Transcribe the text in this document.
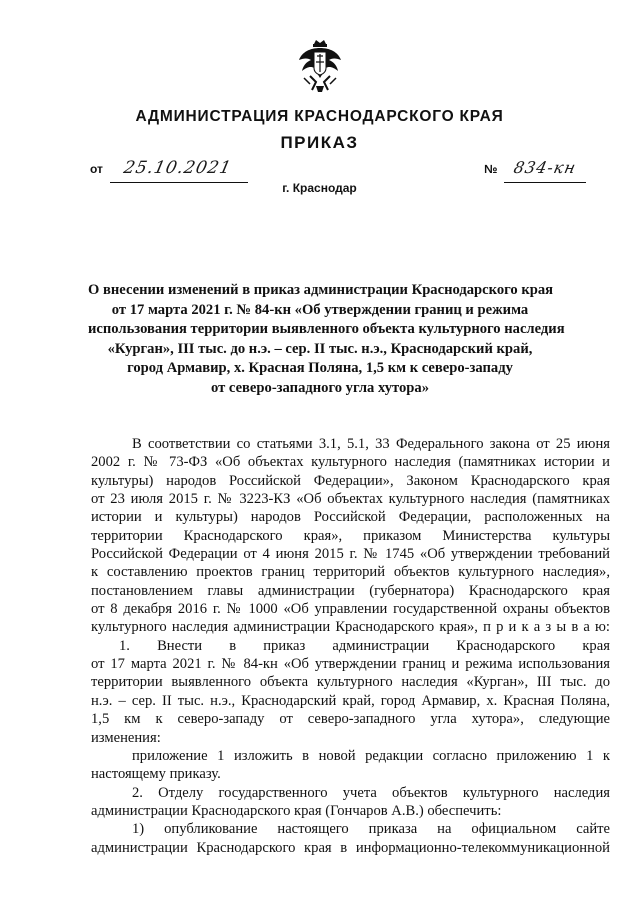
АДМИНИСТРАЦИЯ КРАСНОДАРСКОГО КРАЯ
ПРИКАЗ
от 25.10.2021	№ 834-кн
г. Краснодар
О внесении изменений в приказ администрации Краснодарского края
от 17 марта 2021 г. № 84-кн «Об утверждении границ и режима
использования территории выявленного объекта культурного наследия
«Курган», III тыс. до н.э. – сер. II тыс. н.э., Краснодарский край,
город Армавир, х. Красная Поляна, 1,5 км к северо-западу
от северо-западного угла хутора»
В соответствии со статьями 3.1, 5.1, 33 Федерального закона от 25 июня
2002 г. № 73-ФЗ «Об объектах культурного наследия (памятниках истории и
культуры) народов Российской Федерации», Законом Краснодарского края
от 23 июля 2015 г. № 3223-КЗ «Об объектах культурного наследия (памятниках
истории и культуры) народов Российской Федерации, расположенных на
территории Краснодарского края», приказом Министерства культуры
Российской Федерации от 4 июня 2015 г. № 1745 «Об утверждении требований
к составлению проектов границ территорий объектов культурного наследия»,
постановлением главы администрации (губернатора) Краснодарского края
от 8 декабря 2016 г. № 1000 «Об управлении государственной охраны объектов
культурного наследия администрации Краснодарского края», п р и к а з ы в а ю:
1. Внести в приказ администрации Краснодарского края
от 17 марта 2021 г. № 84-кн «Об утверждении границ и режима использования
территории выявленного объекта культурного наследия «Курган», III тыс. до
н.э. – сер. II тыс. н.э., Краснодарский край, город Армавир, х. Красная Поляна,
1,5 км к северо-западу от северо-западного угла хутора», следующие
изменения:
приложение 1 изложить в новой редакции согласно приложению 1 к
настоящему приказу.
2. Отделу государственного учета объектов культурного наследия
администрации Краснодарского края (Гончаров А.В.) обеспечить:
1) опубликование настоящего приказа на официальном сайте
администрации Краснодарского края в информационно-телекоммуникационной
